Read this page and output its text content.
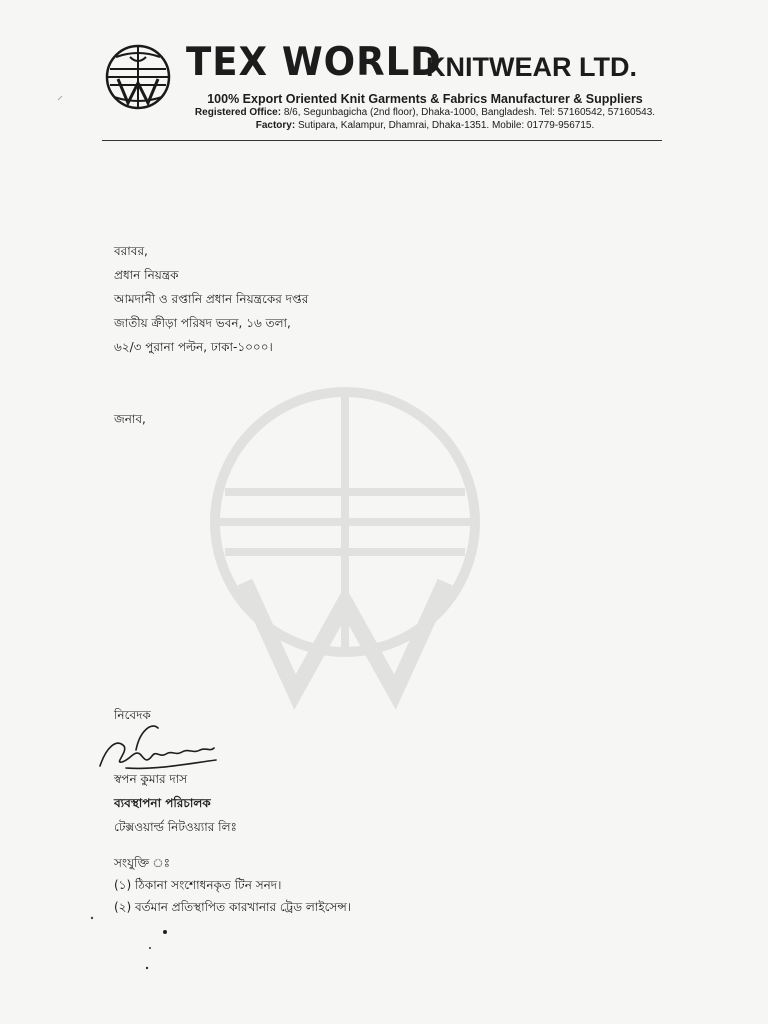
TEX WORLD
KNITWEAR LTD.
100% Export Oriented Knit Garments & Fabrics Manufacturer & Suppliers
Registered Office: 8/6, Segunbagicha (2nd floor), Dhaka-1000, Bangladesh. Tel: 57160542, 57160543.
Factory: Sutipara, Kalampur, Dhamrai, Dhaka-1351. Mobile: 01779-956715.
বরাবর,
প্রধান নিয়ন্ত্রক
আমদানী ও রপ্তানি প্রধান নিয়ন্ত্রকের দপ্তর
জাতীয় ক্রীড়া পরিষদ ভবন, ১৬ তলা,
৬২/৩ পুরানা পল্টন, ঢাকা-১০০০।
জনাব,
নিবেদক
স্বপন কুমার দাস
ব্যবস্থাপনা পরিচালক
টেক্সওয়ার্ল্ড নিটওয়্যার লিঃ
সংযুক্তি ঃ
(১) ঠিকানা সংশোধনকৃত টিন সনদ।
(২) বর্তমান প্রতিস্থাপিত কারখানার ট্রেড লাইসেন্স।
